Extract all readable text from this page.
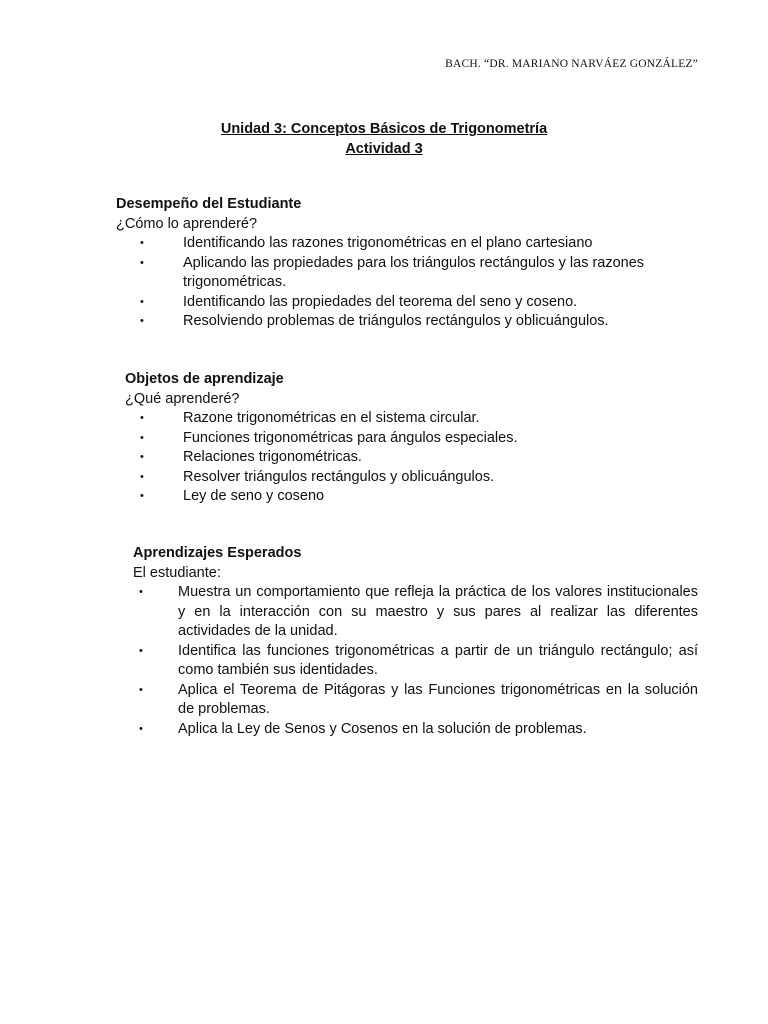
BACH. “DR. MARIANO NARVÁEZ GONZÁLEZ”
Unidad 3: Conceptos Básicos de Trigonometría
Actividad 3
Desempeño del Estudiante
¿Cómo lo aprenderé?
•	Identificando las razones trigonométricas en el plano cartesiano
•	Aplicando las propiedades para los triángulos rectángulos y las razones trigonométricas.
•	Identificando las propiedades del teorema del seno y coseno.
•	Resolviendo problemas de triángulos rectángulos y oblicuángulos.
Objetos de aprendizaje
¿Qué aprenderé?
•	Razone trigonométricas en el sistema circular.
•	Funciones trigonométricas para ángulos especiales.
•	Relaciones trigonométricas.
•	Resolver triángulos rectángulos y oblicuángulos.
•	Ley de seno y coseno
Aprendizajes Esperados
El estudiante:
• Muestra un comportamiento que refleja la práctica de los valores institucionales y en la interacción con su maestro y sus pares al realizar las diferentes actividades de la unidad.
• Identifica las funciones trigonométricas a partir de un triángulo rectángulo; así como también sus identidades.
• Aplica el Teorema de Pitágoras y las Funciones trigonométricas en la solución de problemas.
• Aplica la Ley de Senos y Cosenos en la solución de problemas.
